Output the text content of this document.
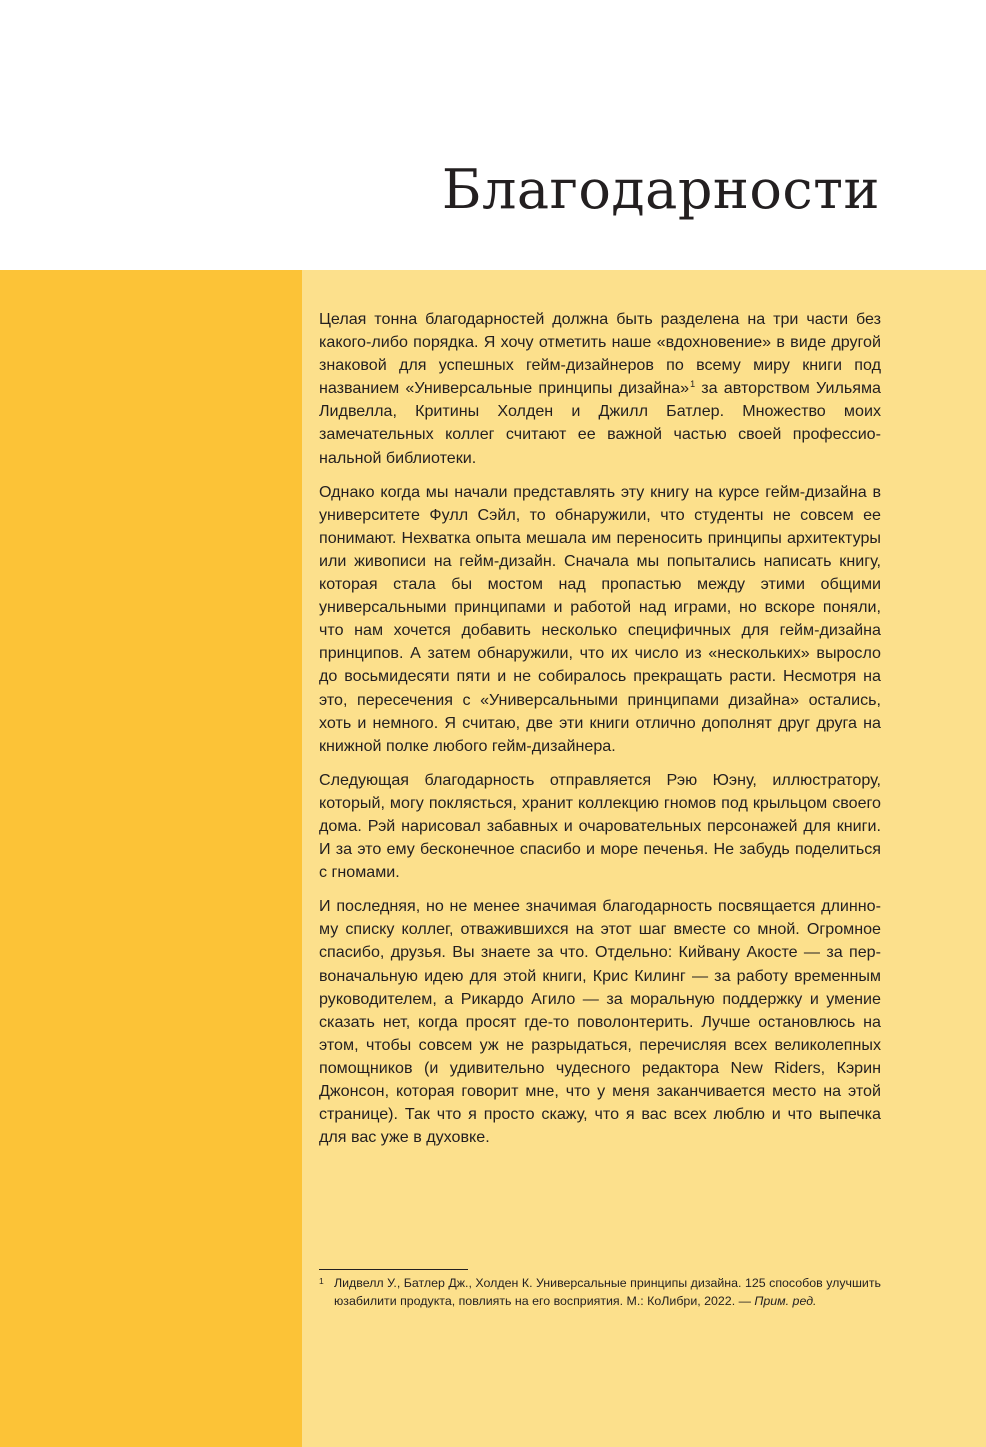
Благодарности

Целая тонна благодарностей должна быть разделена на три части без какого-либо порядка. Я хочу отметить наше «вдохновение» в виде другой знаковой для успешных гейм-дизайнеров по всему миру книги под названием «Универсальные принципы дизайна»$^1$ за авторством Уильяма Лидвелла, Критины Холден и Джилл Батлер. Множество моих замечательных коллег считают ее важной частью своей профессиональной библиотеки.

Однако когда мы начали представлять эту книгу на курсе гейм-дизайна в университете Фулл Сэйл, то обнаружили, что студенты не совсем ее понимают. Нехватка опыта мешала им переносить принципы архитектуры или живописи на гейм-дизайн. Сначала мы попытались написать книгу, которая стала бы мостом над пропастью между этими общими универсальными принципами и работой над играми, но вскоре поняли, что нам хочется добавить несколько специфичных для гейм-дизайна принципов. А затем обнаружили, что их число из «нескольких» выросло до восьмидесяти пяти и не собиралось прекращать расти. Несмотря на это, пересечения с «Универсальными принципами дизайна» остались, хоть и немного. Я считаю, две эти книги отлично дополнят друг друга на книжной полке любого гейм-дизайнера.

Следующая благодарность отправляется Рэю Юэну, иллюстратору, который, могу поклясться, хранит коллекцию гномов под крыльцом своего дома. Рэй нарисовал забавных и очаровательных персонажей для книги. И за это ему бесконечное спасибо и море печенья. Не забудь поделиться с гномами.

И последняя, но не менее значимая благодарность посвящается длинному списку коллег, отважившихся на этот шаг вместе со мной. Огромное спасибо, друзья. Вы знаете за что. Отдельно: Кийвану Акосте — за первоначальную идею для этой книги, Крис Килинг — за работу временным руководителем, а Рикардо Агило — за моральную поддержку и умение сказать нет, когда просят где-то поволонтерить. Лучше остановлюсь на этом, чтобы совсем уж не разрыдаться, перечисляя всех великолепных помощников (и удивительно чудесного редактора New Riders, Кэрин Джонсон, которая говорит мне, что у меня заканчивается место на этой странице). Так что я просто скажу, что я вас всех люблю и что выпечка для вас уже в духовке.

1 Лидвелл У., Батлер Дж., Холден К. Универсальные принципы дизайна. 125 способов улучшить юзабилити продукта, повлиять на его восприятия. М.: КоЛибри, 2022. — Прим. ред.
